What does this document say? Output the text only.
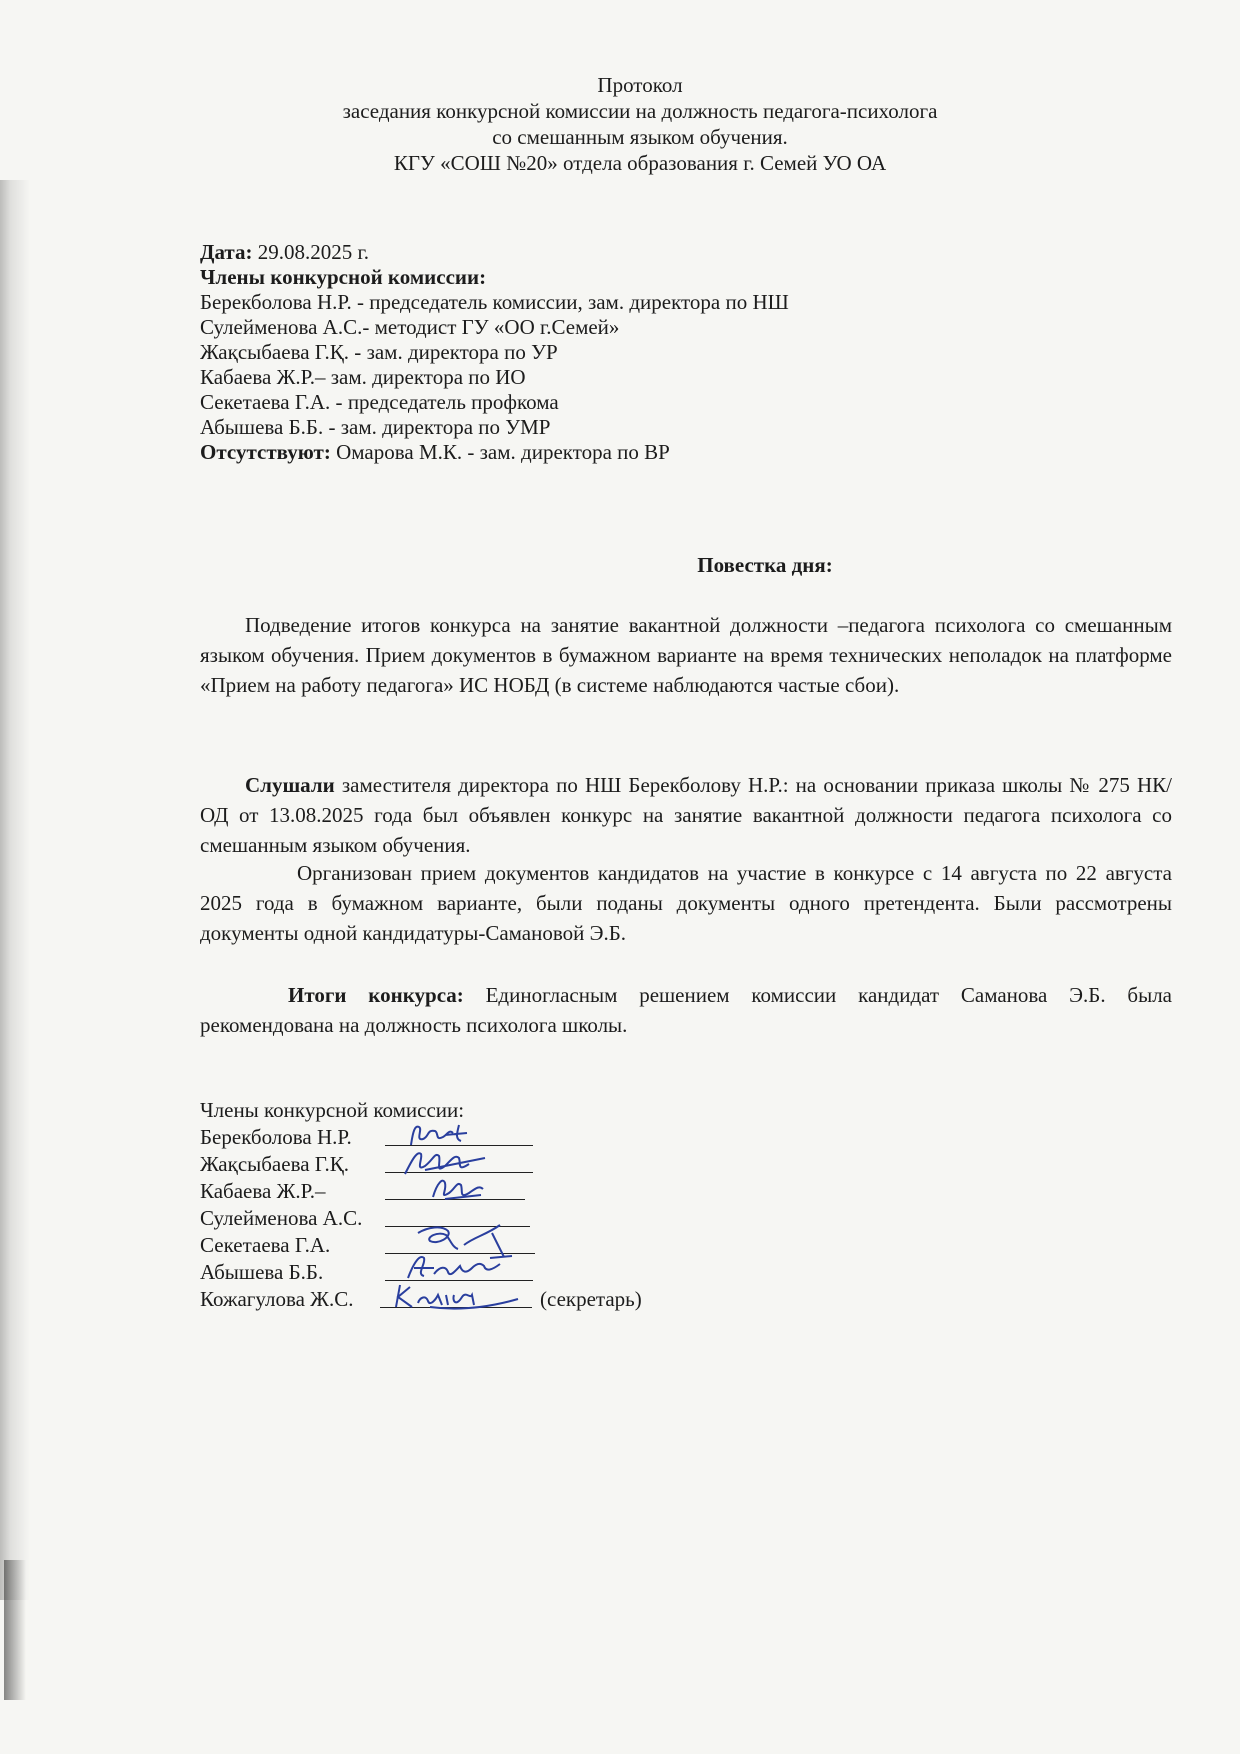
Протокол
заседания конкурсной комиссии на должность педагога-психолога
со смешанным языком обучения.
КГУ «СОШ №20» отдела образования г. Семей УО ОА
Дата: 29.08.2025 г.
Члены конкурсной комиссии:
Берекболова Н.Р. - председатель комиссии, зам. директора по НШ
Сулейменова А.С.- методист ГУ «ОО г.Семей»
Жақсыбаева Г.Қ. - зам. директора по УР
Кабаева Ж.Р.– зам. директора по ИО
Секетаева Г.А. - председатель профкома
Абышева Б.Б. - зам. директора по УМР
Отсутствуют: Омарова М.К. - зам. директора по ВР
Повестка дня:
Подведение итогов конкурса на занятие вакантной должности –педагога психолога со смешанным языком обучения. Прием документов в бумажном варианте на время технических неполадок на платформе «Прием на работу педагога» ИС НОБД (в системе наблюдаются частые сбои).
Слушали заместителя директора по НШ Берекболову Н.Р.: на основании приказа школы № 275 НК/ОД от 13.08.2025 года был объявлен конкурс на занятие вакантной должности педагога психолога со смешанным языком обучения.
Организован прием документов кандидатов на участие в конкурсе с 14 августа по 22 августа 2025 года в бумажном варианте, были поданы документы одного претендента. Были рассмотрены документы одной кандидатуры-Самановой Э.Б.
Итоги конкурса: Единогласным решением комиссии кандидат Саманова Э.Б. была рекомендована на должность психолога школы.
Члены конкурсной комиссии:
Берекболова Н.Р.
Жақсыбаева Г.Қ.
Кабаева Ж.Р.–
Сулейменова А.С.
Секетаева Г.А.
Абышева Б.Б.
Кожагулова Ж.С.	(секретарь)
